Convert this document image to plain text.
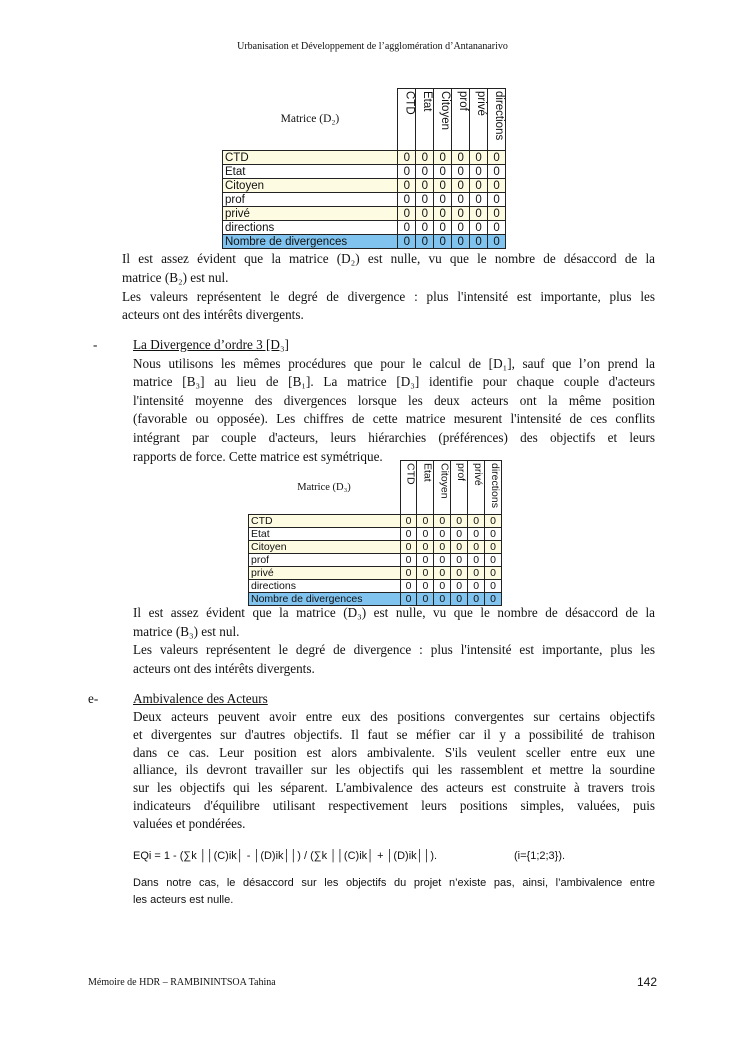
Urbanisation et Développement de l’agglomération d’Antananarivo
Matrice (D₂)	CTD	Etat	Citoyen	prof	privé	directions
CTD	0	0	0	0	0	0
Etat	0	0	0	0	0	0
Citoyen	0	0	0	0	0	0
prof	0	0	0	0	0	0
privé	0	0	0	0	0	0
directions	0	0	0	0	0	0
Nombre de divergences	0	0	0	0	0	0
Matrice (D₃)	CTD	Etat	Citoyen	prof	privé	directions
CTD	0	0	0	0	0	0
Etat	0	0	0	0	0	0
Citoyen	0	0	0	0	0	0
prof	0	0	0	0	0	0
privé	0	0	0	0	0	0
directions	0	0	0	0	0	0
Nombre de divergences	0	0	0	0	0	0
Il est assez évident que la matrice (D₂) est nulle, vu que le nombre de désaccord de la
matrice (B₂) est nul.
Les valeurs représentent le degré de divergence : plus l'intensité est importante, plus les
acteurs ont des intérêts divergents.
-	La Divergence d’ordre 3 [D₃]
Nous utilisons les mêmes procédures que pour le calcul de [D₁], sauf que l’on prend la
matrice [B₃] au lieu de [B₁]. La matrice [D₃] identifie pour chaque couple d'acteurs
l'intensité moyenne des divergences lorsque les deux acteurs ont la même position
(favorable ou opposée). Les chiffres de cette matrice mesurent l'intensité de ces conflits
intégrant par couple d'acteurs, leurs hiérarchies (préférences) des objectifs et leurs
rapports de force. Cette matrice est symétrique.
Il est assez évident que la matrice (D₃) est nulle, vu que le nombre de désaccord de la
matrice (B₃) est nul.
Les valeurs représentent le degré de divergence : plus l'intensité est importante, plus les
acteurs ont des intérêts divergents.
e-	Ambivalence des Acteurs
Deux acteurs peuvent avoir entre eux des positions convergentes sur certains objectifs
et divergentes sur d'autres objectifs. Il faut se méfier car il y a possibilité de trahison
dans ce cas. Leur position est alors ambivalente. S'ils veulent sceller entre eux une
alliance, ils devront travailler sur les objectifs qui les rassemblent et mettre la sourdine
sur les objectifs qui les séparent. L'ambivalence des acteurs est construite à travers trois
indicateurs d'équilibre utilisant respectivement leurs positions simples, valuées, puis
valuées et pondérées.
EQi = 1 - (∑k ││(C)ik│ - │(D)ik││) / (∑k ││(C)ik│ + │(D)ik││).	(i={1;2;3}).
Dans notre cas, le désaccord sur les objectifs du projet n’existe pas, ainsi, l’ambivalence entre
les acteurs est nulle.
Mémoire de HDR – RAMBININTSOA Tahina	142
